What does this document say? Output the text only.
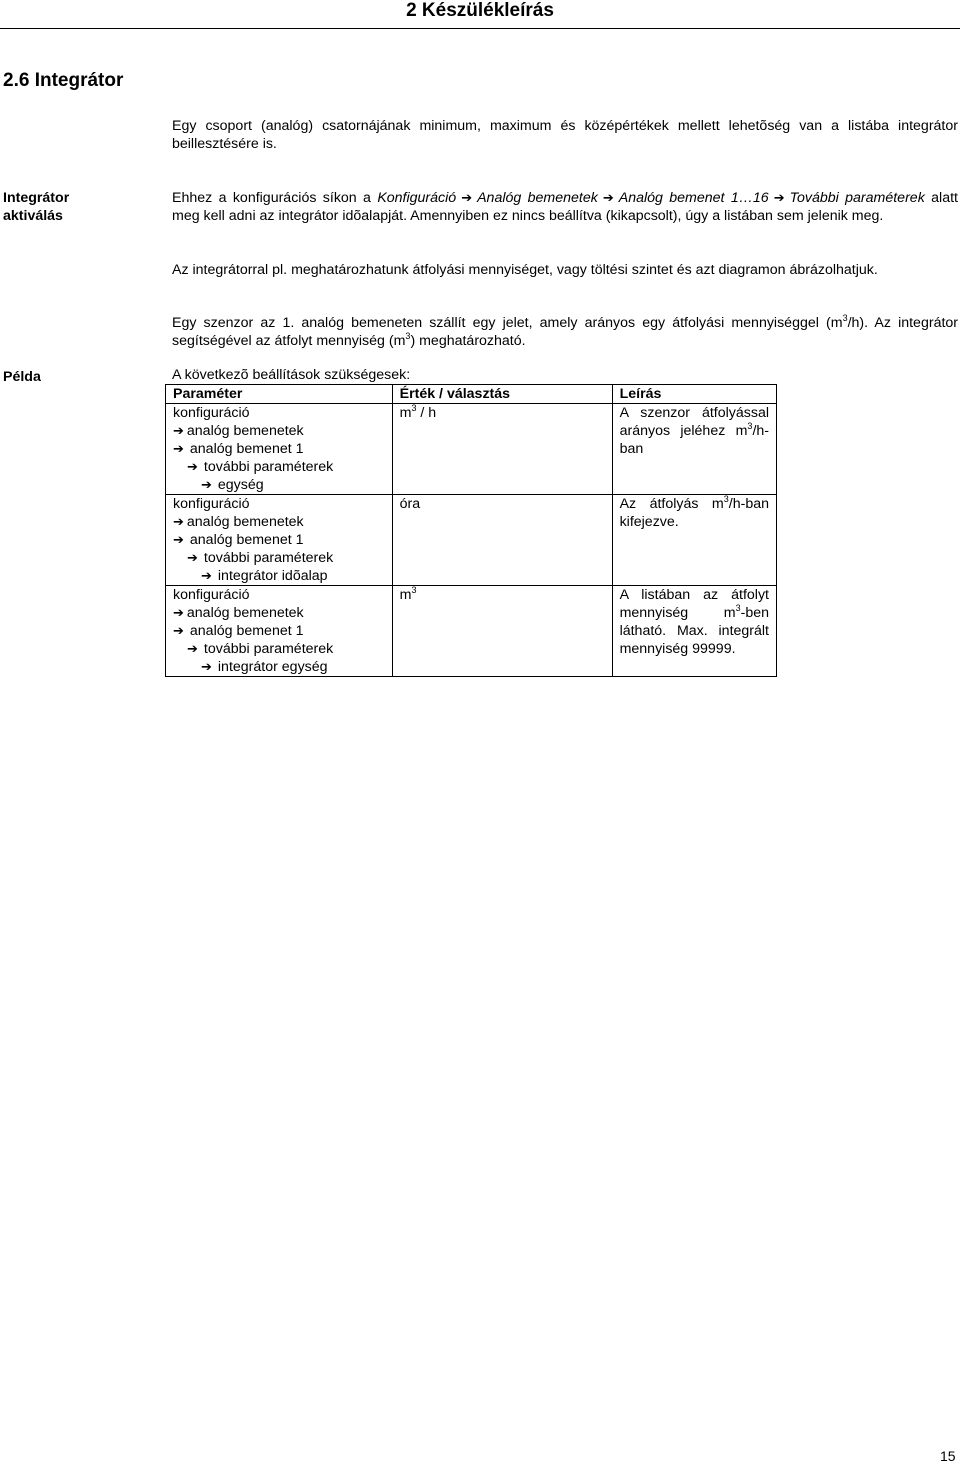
2 Készülékleírás
2.6 Integrátor
Egy csoport (analóg) csatornájának minimum, maximum és középértékek mellett lehetõség van a listába integrátor beillesztésére is.
Integrátor
aktiválás
Ehhez a konfigurációs síkon a Konfiguráció ➔ Analóg bemenetek ➔ Analóg bemenet 1…16 ➔ További paraméterek alatt meg kell adni az integrátor idõalapját. Amennyiben ez nincs beállítva (kikapcsolt), úgy a listában sem jelenik meg.
Az integrátorral pl. meghatározhatunk átfolyási mennyiséget, vagy töltési szintet és azt diagramon ábrázolhatjuk.
Egy szenzor az 1. analóg bemeneten szállít egy jelet, amely arányos egy átfolyási mennyiséggel $(m^3/h)$. Az integrátor segítségével az átfolyt mennyiség $(m^3)$ meghatározható.
Példa	A következõ beállítások szükségesek:
Paraméter	Érték / választás	Leírás

konfiguráció
➔ analóg bemenetek
➔ analóg bemenet 1
➔ további paraméterek
➔ egység	$m^3$ / h	A szenzor átfolyással arányos jeléhez $m^3/h$-ban

konfiguráció
➔ analóg bemenetek
➔ analóg bemenet 1
➔ további paraméterek
➔ integrátor idõalap	óra	Az átfolyás $m^3/h$-ban kifejezve.

konfiguráció
➔ analóg bemenetek
➔ analóg bemenet 1
➔ további paraméterek
➔ integrátor egység	$m^3$	A listában az átfolyt mennyiség $m^3$-ben látható. Max. integrált mennyiség 99999.
15
